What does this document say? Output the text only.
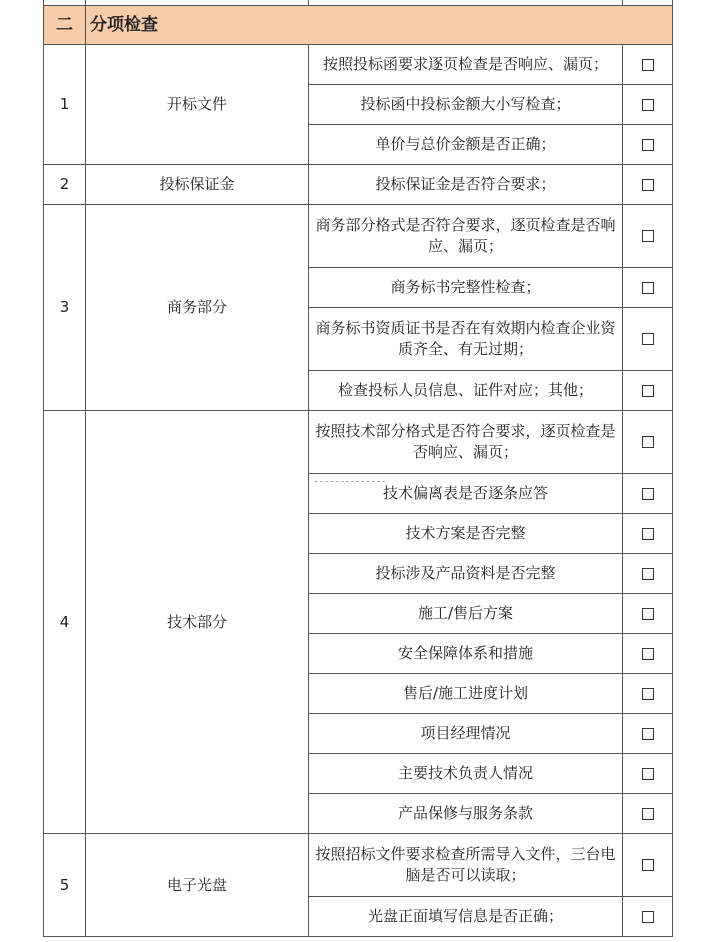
二	分项检查		
1	开标文件	按照投标函要求逐页检查是否响应、漏页；	
		投标函中投标金额大小写检查；	
		单价与总价金额是否正确；	
2	投标保证金	投标保证金是否符合要求；	
3	商务部分	商务部分格式是否符合要求，逐页检查是否响应、漏页；	
		商务标书完整性检查；	
		商务标书资质证书是否在有效期内检查企业资质齐全、有无过期；	
		检查投标人员信息、证件对应；其他；	
4	技术部分	按照技术部分格式是否符合要求，逐页检查是否响应、漏页；	
		技术偏离表是否逐条应答	
		技术方案是否完整	
		投标涉及产品资料是否完整	
		施工/售后方案	
		安全保障体系和措施	
		售后/施工进度计划	
		项目经理情况	
		主要技术负责人情况	
		产品保修与服务条款	
5	电子光盘	按照招标文件要求检查所需导入文件，三台电脑是否可以读取；	
		光盘正面填写信息是否正确；	
